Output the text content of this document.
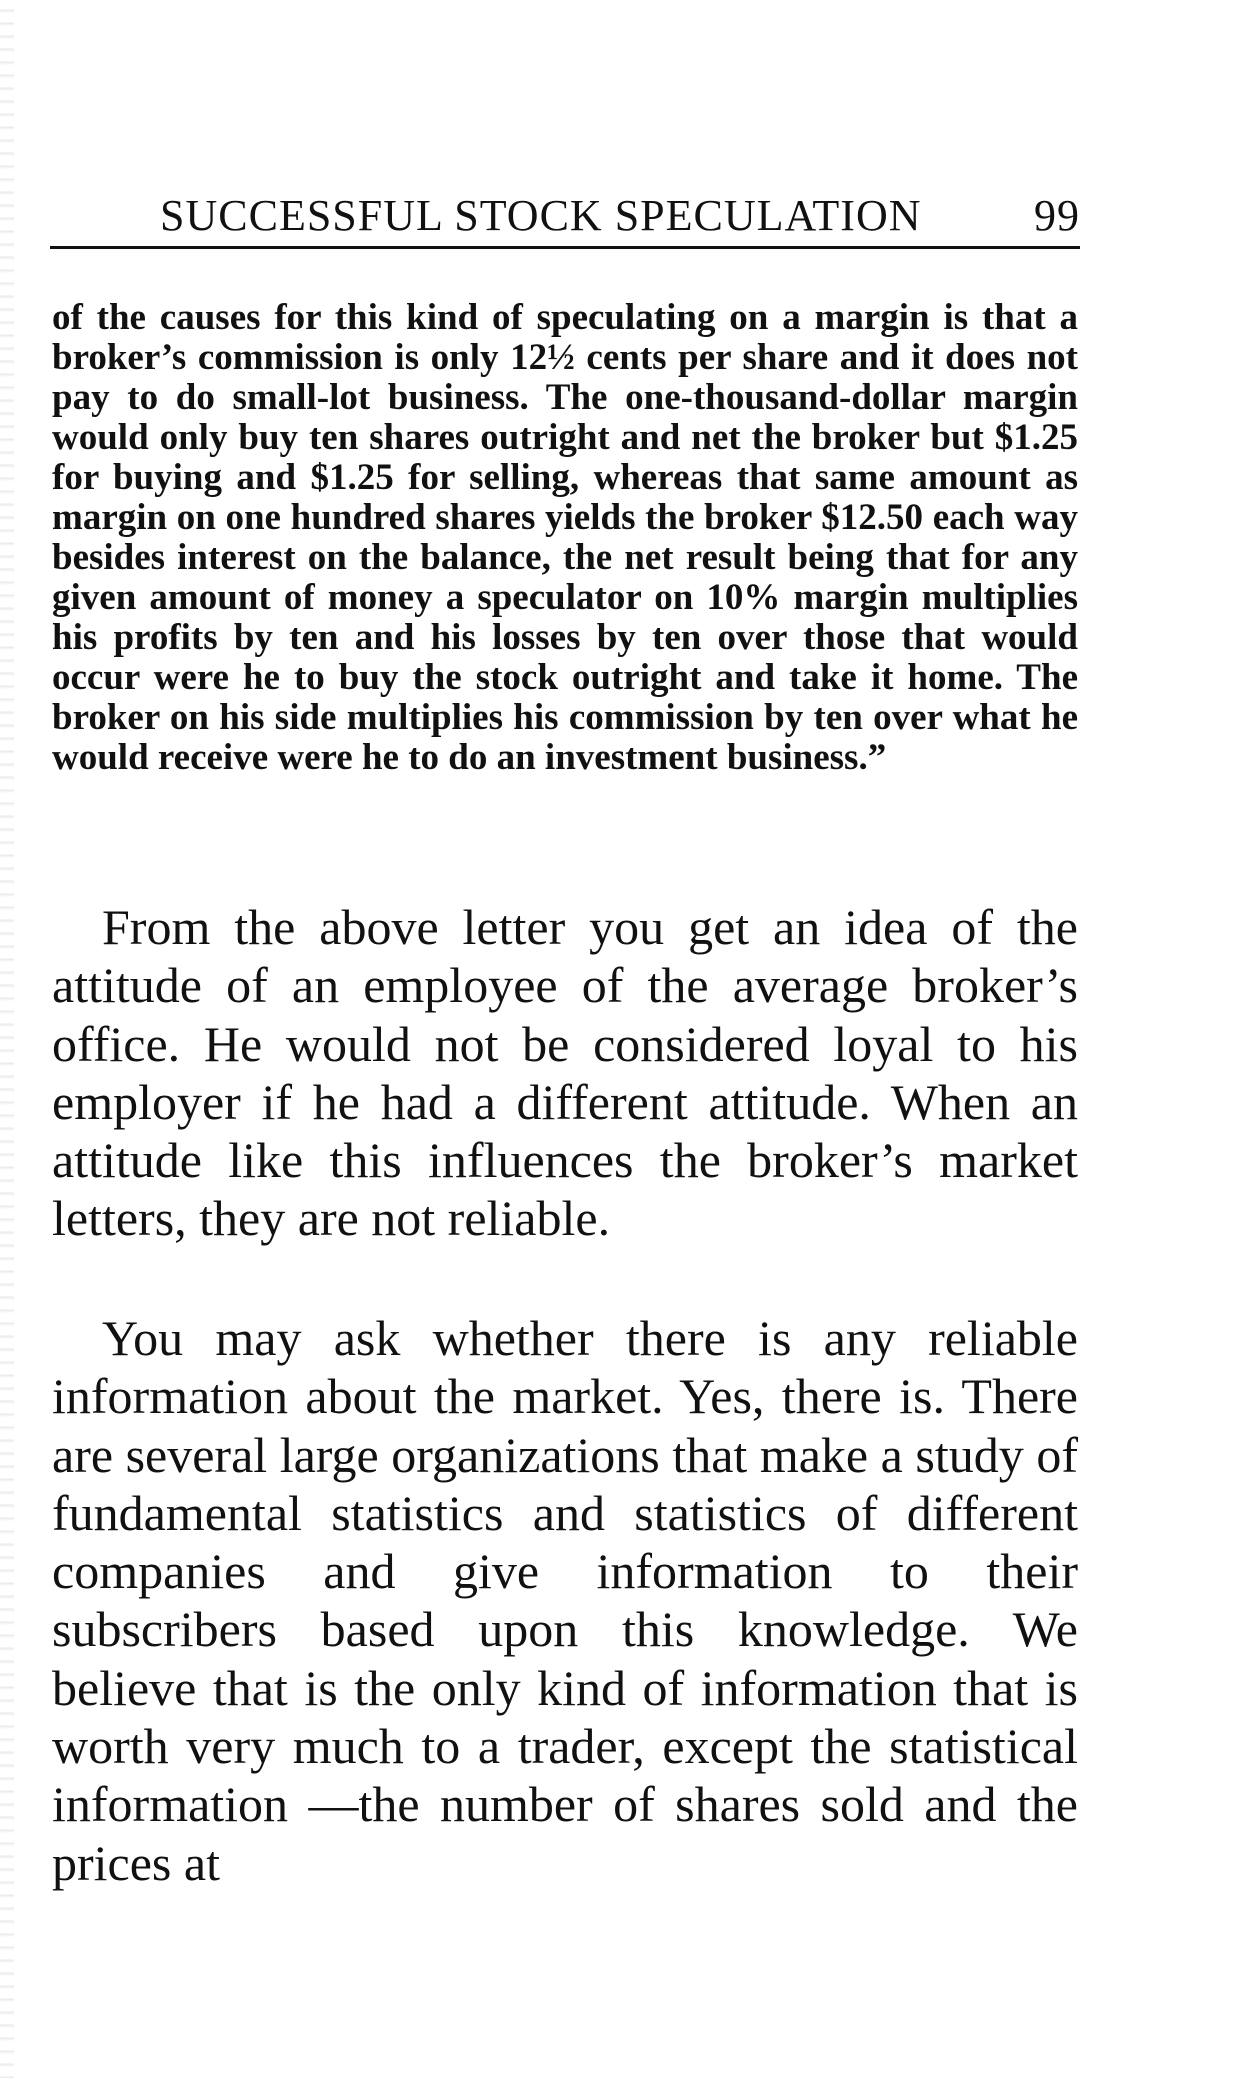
SUCCESSFUL STOCK SPECULATION	99

of the causes for this kind of speculating on a margin is that a broker’s commission is only 12½ cents per share and it does not pay to do small-lot business. The one-thousand-dollar margin would only buy ten shares outright and net the broker but $1.25 for buying and $1.25 for selling, whereas that same amount as margin on one hundred shares yields the broker $12.50 each way besides interest on the balance, the net result being that for any given amount of money a speculator on 10% margin multiplies his profits by ten and his losses by ten over those that would occur were he to buy the stock outright and take it home. The broker on his side multiplies his commission by ten over what he would receive were he to do an investment business.”

From the above letter you get an idea of the attitude of an employee of the average broker’s office. He would not be considered loyal to his employer if he had a different attitude. When an attitude like this influences the broker’s market letters, they are not reliable.

You may ask whether there is any reliable information about the market. Yes, there is. There are several large organizations that make a study of fundamental statistics and statistics of different companies and give information to their subscribers based upon this knowledge. We believe that is the only kind of information that is worth very much to a trader, except the statistical information —the number of shares sold and the prices at
